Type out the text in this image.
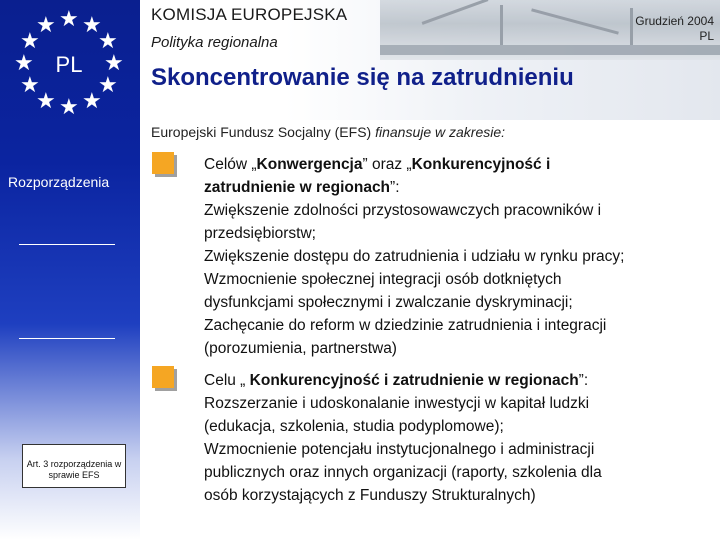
★ ★
★
★
★
★
★
★
★
★
★
★
PL
KOMISJA EUROPEJSKA
Polityka regionalna
Grudzień 2004
PL
Skoncentrowanie się na zatrudnieniu
Europejski Fundusz Socjalny (EFS) finansuje w zakresie:
Rozporządzenia
Art. 3 rozporządzenia w sprawie EFS
Celów „Konwergencja” oraz „Konkurencyjność i
zatrudnienie w regionach”:
Zwiększenie zdolności przystosowawczych pracowników i
przedsiębiorstw;
Zwiększenie dostępu do zatrudnienia i udziału w rynku pracy;
Wzmocnienie społecznej integracji osób dotkniętych
dysfunkcjami społecznymi i zwalczanie dyskryminacji;
Zachęcanie do reform w dziedzinie zatrudnienia i integracji
(porozumienia, partnerstwa)
Celu „ Konkurencyjność i zatrudnienie w regionach”:
Rozszerzanie i udoskonalanie inwestycji w kapitał ludzki
(edukacja, szkolenia, studia podyplomowe);
Wzmocnienie potencjału instytucjonalnego i administracji
publicznych oraz innych organizacji (raporty, szkolenia dla
osób korzystających z Funduszy Strukturalnych)
